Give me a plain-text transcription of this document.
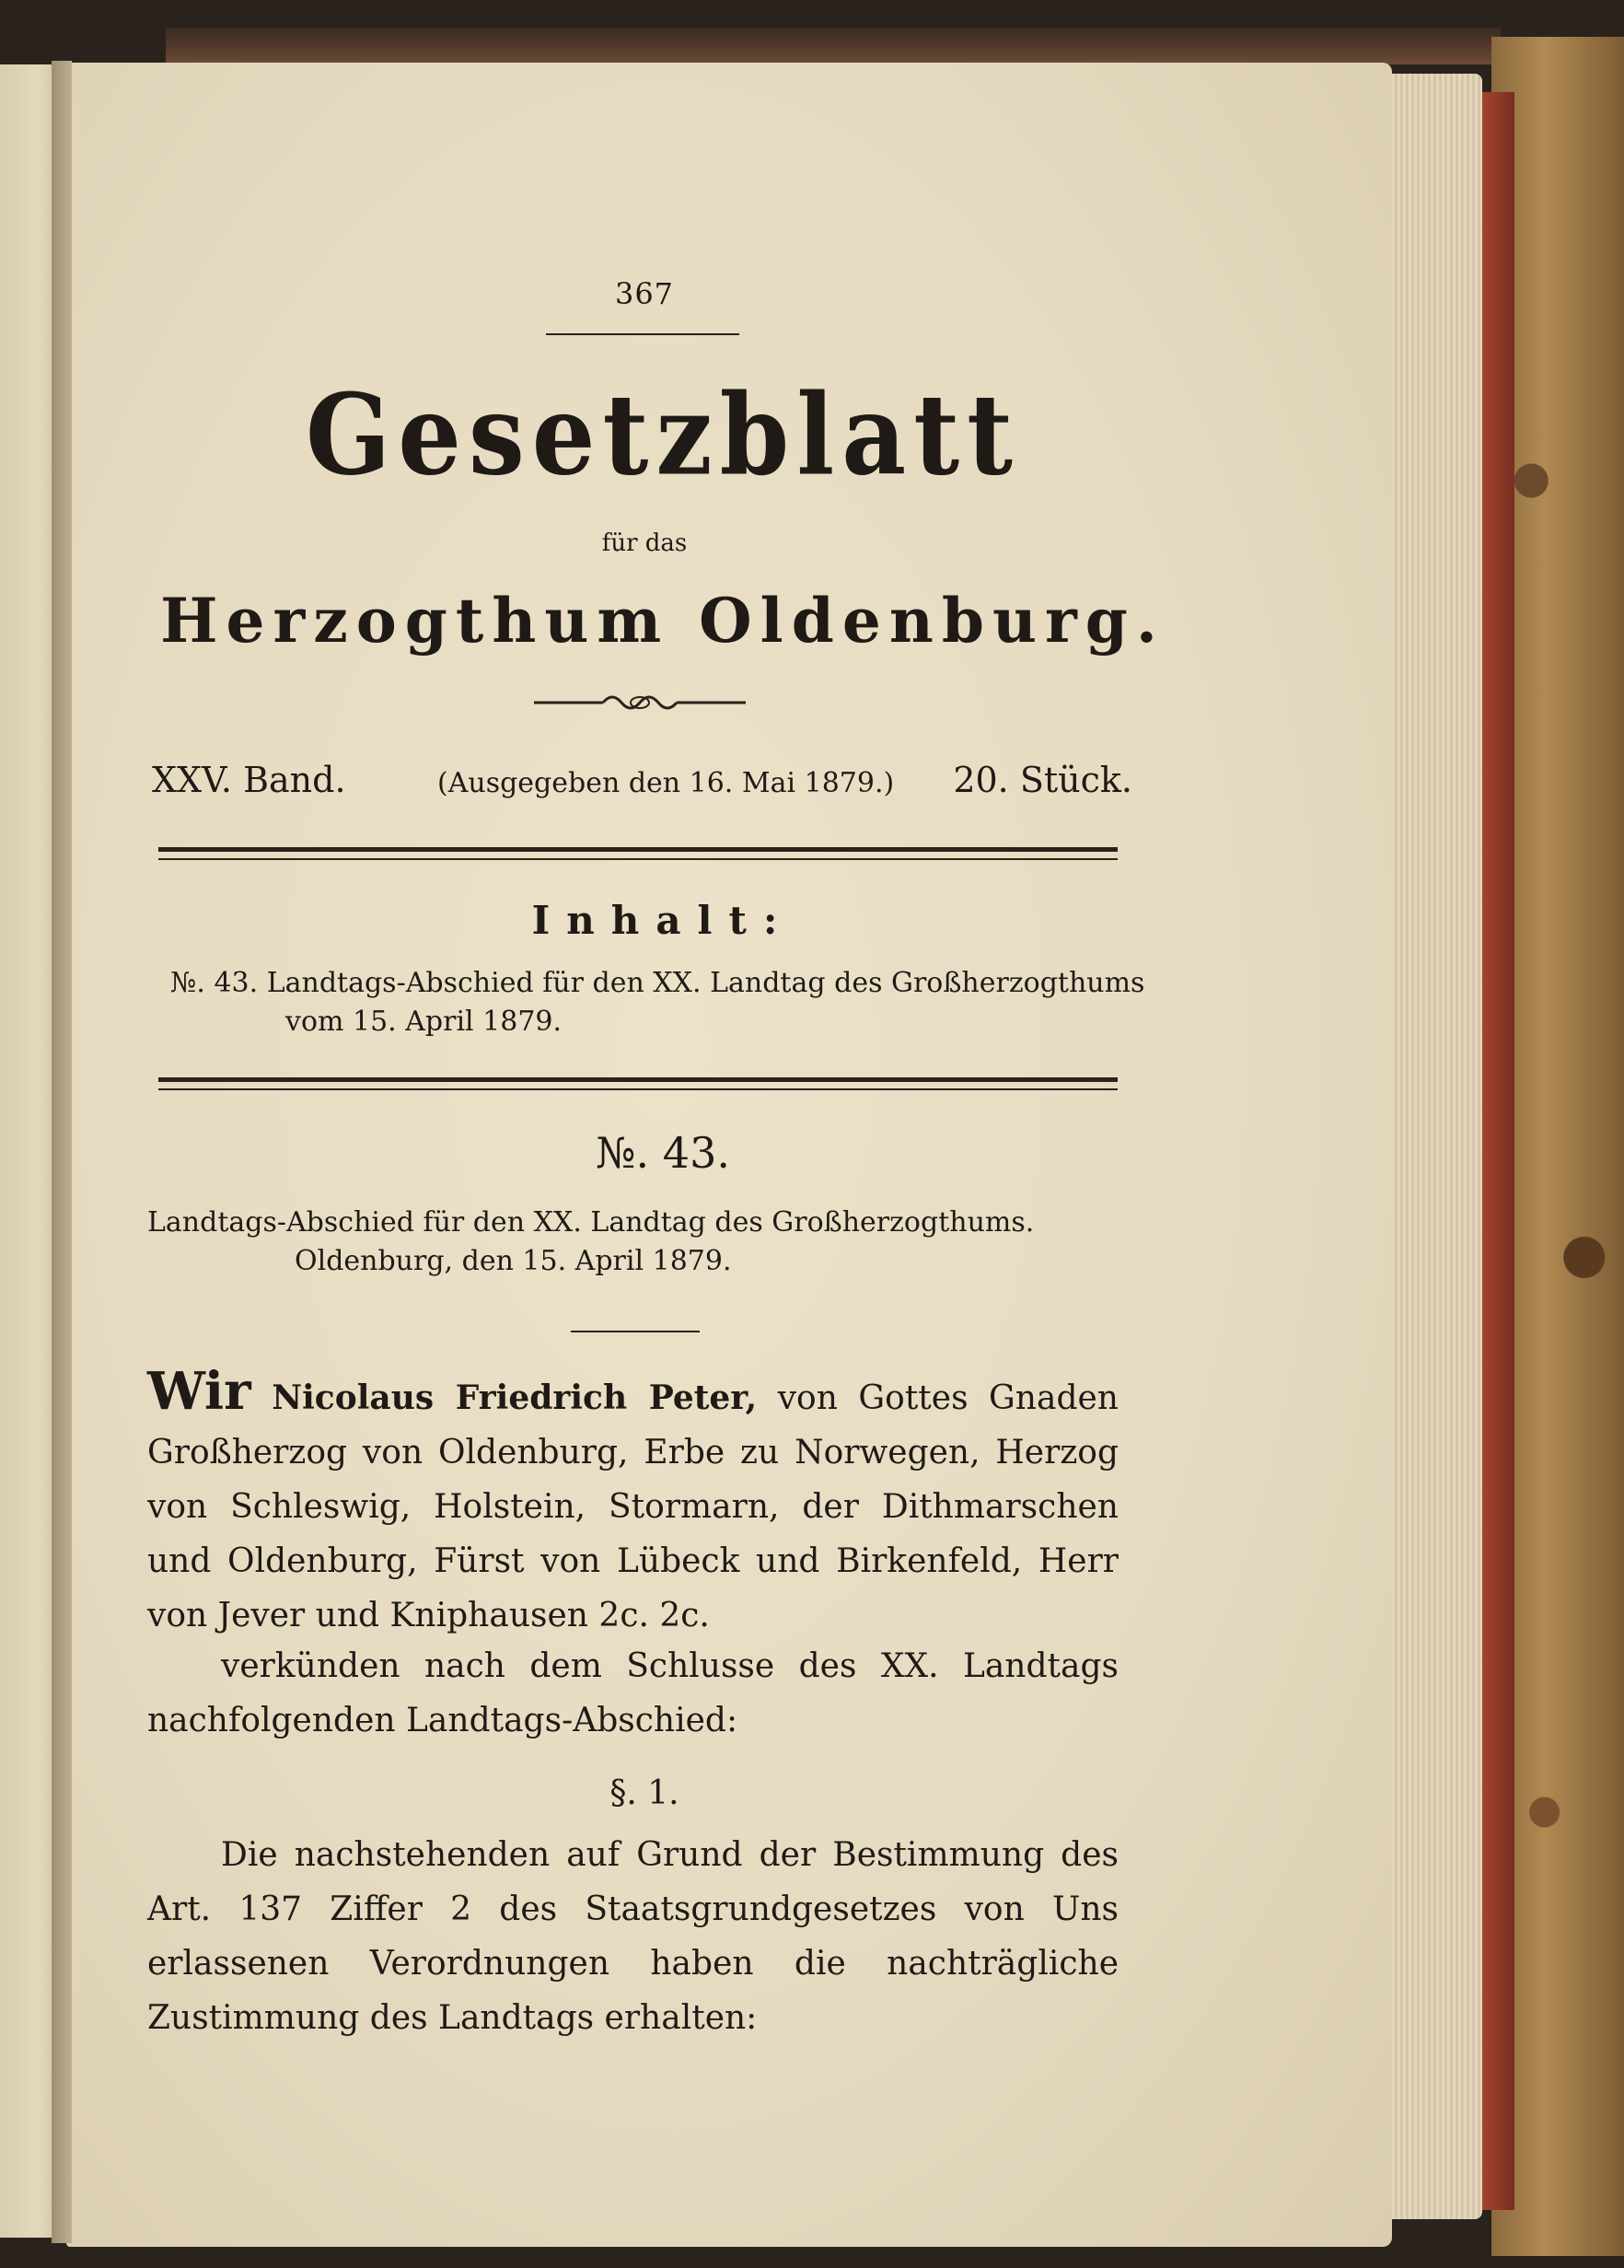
367
Gesetzblatt
für das
Herzogthum Oldenburg.
XXV. Band.	(Ausgegeben den 16. Mai 1879.) 20. Stück.
Inhalt:
№. 43. Landtags-Abschied für den XX. Landtag des Großherzogthums
vom 15. April 1879.
№. 43.
Landtags-Abschied für den XX. Landtag des Großherzogthums.
Oldenburg, den 15. April 1879.
Wir Nicolaus Friedrich Peter, von Gottes Gnaden Großherzog von Oldenburg, Erbe zu Norwegen, Herzog von Schleswig, Holstein, Stormarn, der Dithmarschen und Oldenburg, Fürst von Lübeck und Birkenfeld, Herr von Jever und Kniphausen 2c. 2c.
verkünden nach dem Schlusse des XX. Landtags nachfolgenden Landtags-Abschied:
§. 1.
Die nachstehenden auf Grund der Bestimmung des Art. 137 Ziffer 2 des Staatsgrundgesetzes von Uns erlassenen Verordnungen haben die nachträgliche Zustimmung des Landtags erhalten:
